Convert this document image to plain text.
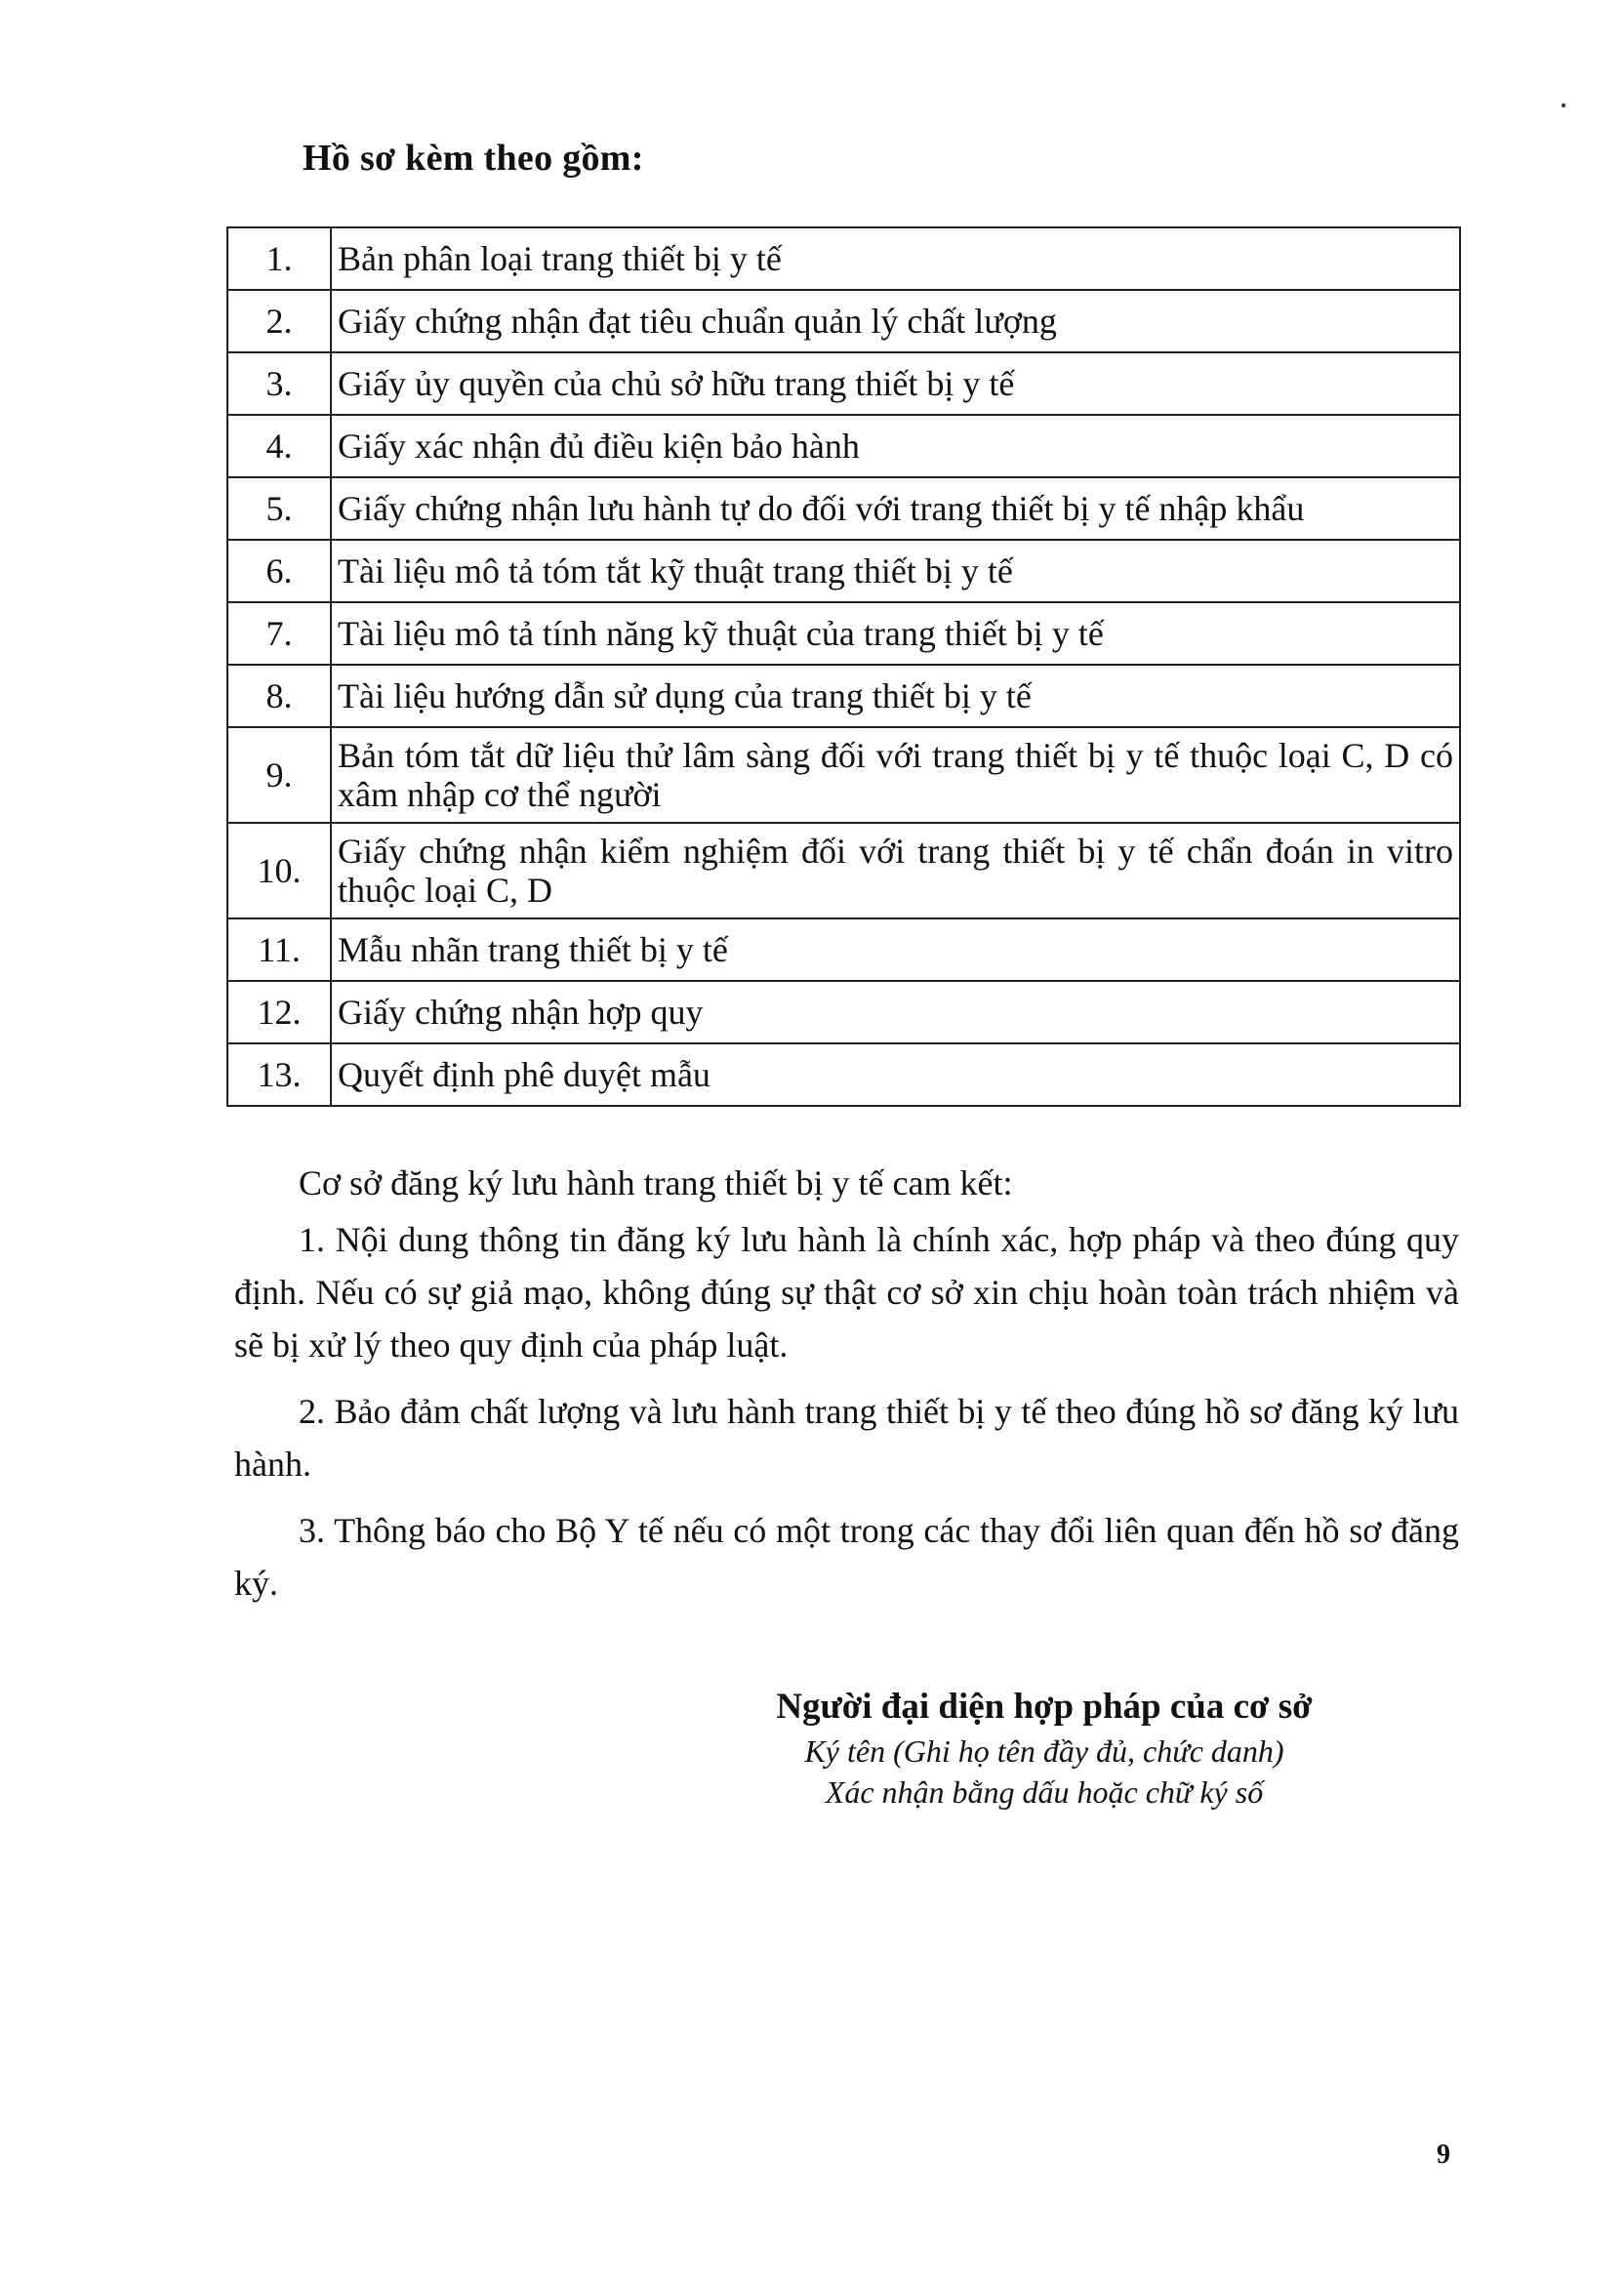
Hồ sơ kèm theo gồm:
1.	Bản phân loại trang thiết bị y tế
2.	Giấy chứng nhận đạt tiêu chuẩn quản lý chất lượng
3.	Giấy ủy quyền của chủ sở hữu trang thiết bị y tế
4.	Giấy xác nhận đủ điều kiện bảo hành
5.	Giấy chứng nhận lưu hành tự do đối với trang thiết bị y tế nhập khẩu
6.	Tài liệu mô tả tóm tắt kỹ thuật trang thiết bị y tế
7.	Tài liệu mô tả tính năng kỹ thuật của trang thiết bị y tế
8.	Tài liệu hướng dẫn sử dụng của trang thiết bị y tế
9.	Bản tóm tắt dữ liệu thử lâm sàng đối với trang thiết bị y tế thuộc loại C, D có xâm nhập cơ thể người
10.	Giấy chứng nhận kiểm nghiệm đối với trang thiết bị y tế chẩn đoán in vitro thuộc loại C, D
11.	Mẫu nhãn trang thiết bị y tế
12.	Giấy chứng nhận hợp quy
13.	Quyết định phê duyệt mẫu

Cơ sở đăng ký lưu hành trang thiết bị y tế cam kết:

1. Nội dung thông tin đăng ký lưu hành là chính xác, hợp pháp và theo đúng quy định. Nếu có sự giả mạo, không đúng sự thật cơ sở xin chịu hoàn toàn trách nhiệm và sẽ bị xử lý theo quy định của pháp luật.

2. Bảo đảm chất lượng và lưu hành trang thiết bị y tế theo đúng hồ sơ đăng ký lưu hành.

3. Thông báo cho Bộ Y tế nếu có một trong các thay đổi liên quan đến hồ sơ đăng ký.

Người đại diện hợp pháp của cơ sở
Ký tên (Ghi họ tên đầy đủ, chức danh)
Xác nhận bằng dấu hoặc chữ ký số
9
